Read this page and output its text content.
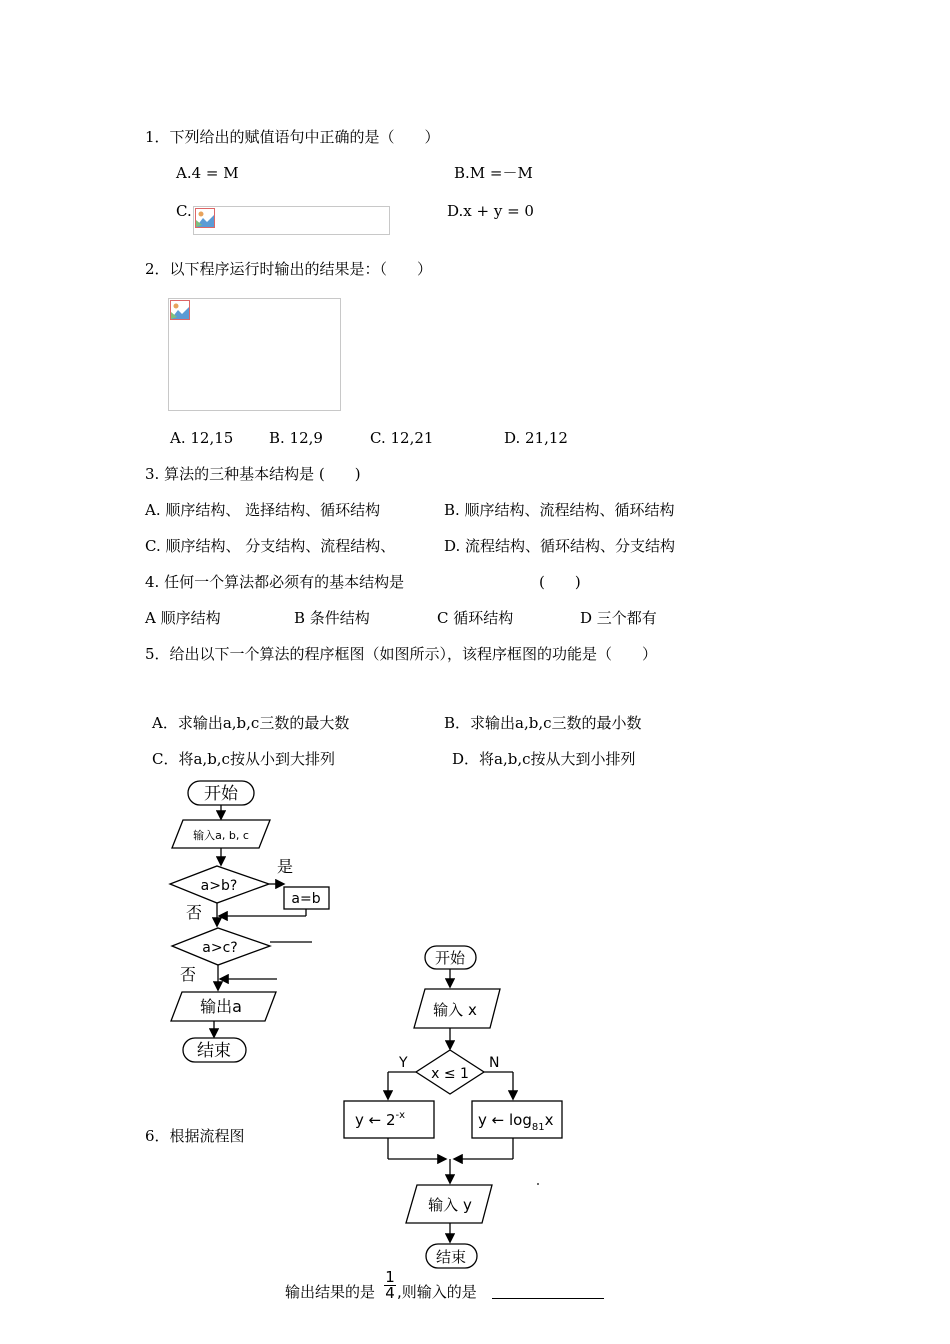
1．下列给出的赋值语句中正确的是（　　）
A.4 = M	B.M =－M
C.	D.x + y = 0
2．以下程序运行时输出的结果是：（　　）
A. 12,15 B. 12,9	C. 12,21	D. 21,12
3. 算法的三种基本结构是 (　　)
A. 顺序结构、 选择结构、循环结构	B. 顺序结构、流程结构、循环结构
C. 顺序结构、 分支结构、流程结构、	D. 流程结构、循环结构、分支结构
4. 任何一个算法都必须有的基本结构是	(　　)
A 顺序结构	B 条件结构	C 循环结构	D 三个都有
5．给出以下一个算法的程序框图（如图所示），该程序框图的功能是（　　）
A．求输出a,b,c三数的最大数	B．求输出a,b,c三数的最小数
C．将a,b,c按从小到大排列	D．将a,b,c按从大到小排列
开始
输入a, b, c
a>b?
是
a=b
否
a>c?
否
输出a
结束
6．根据流程图
开始
输入 x
x ≤ 1
Y	N
y ← $2^{-x}$	y ← $\log_{81}x$
输入 y
结束
输出结果的是 $\frac{1}{4}$ ,则输入的是
